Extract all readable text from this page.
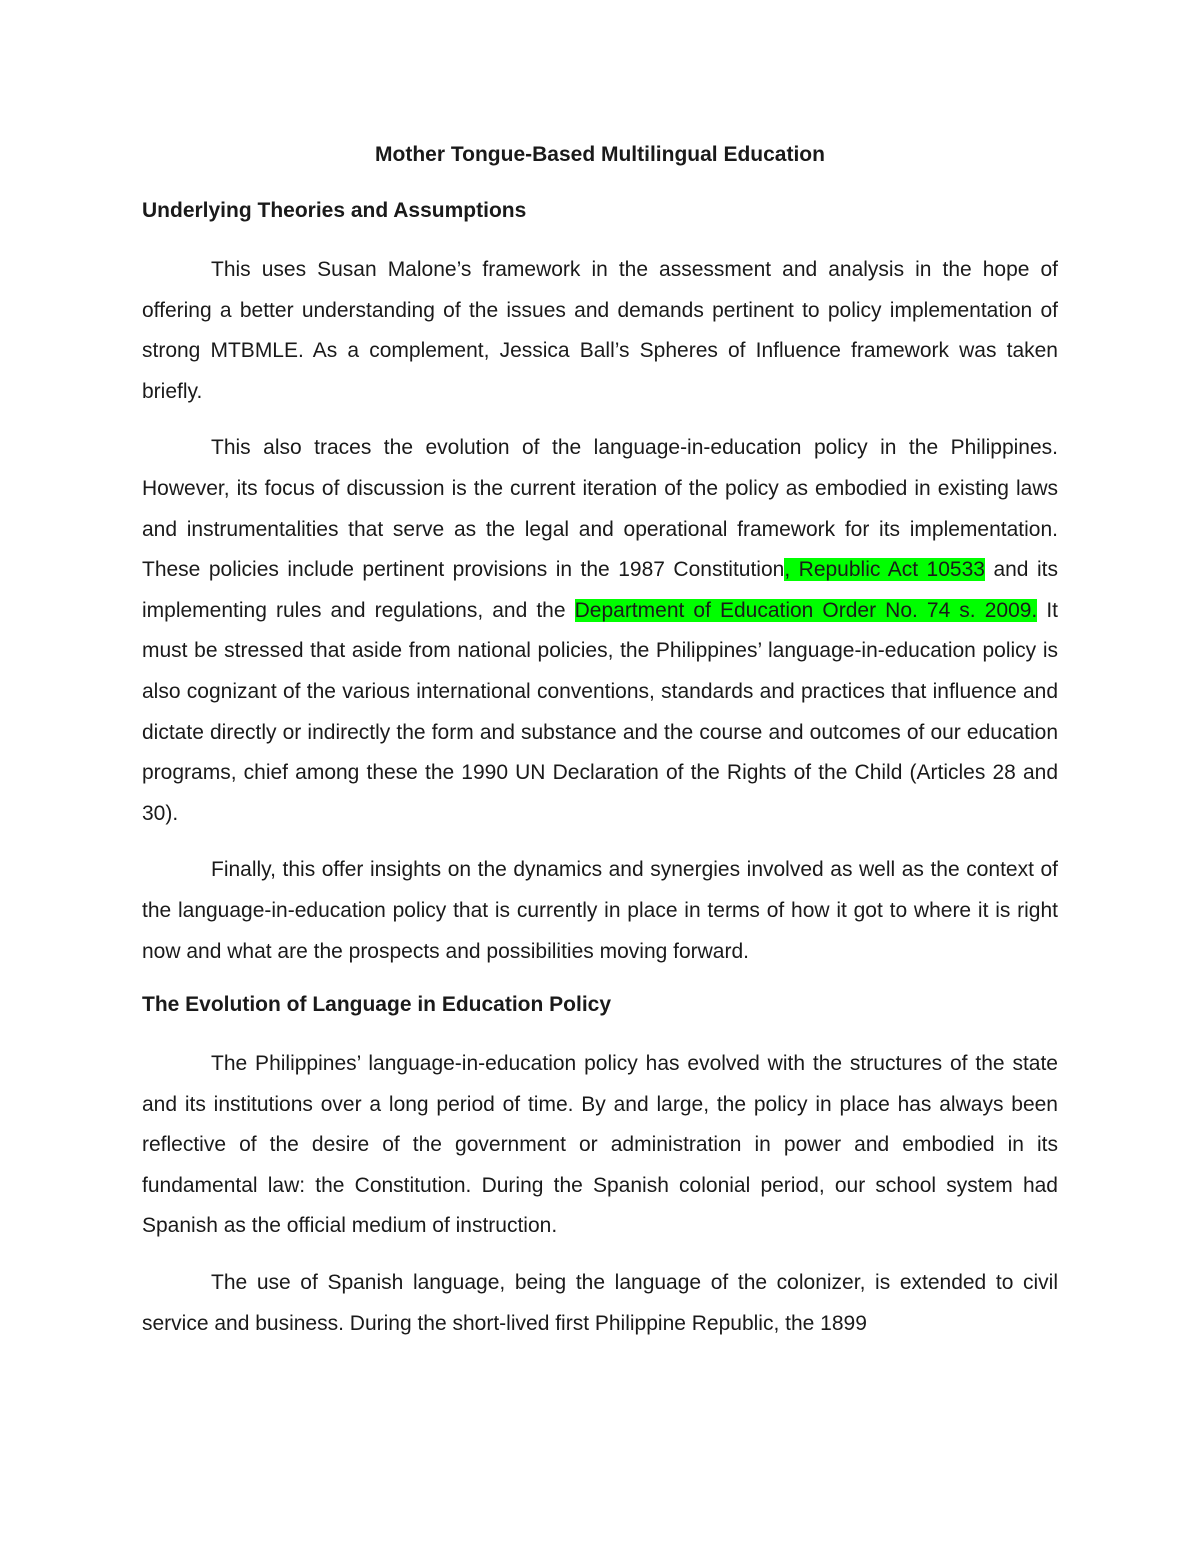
Mother Tongue-Based Multilingual Education
Underlying Theories and Assumptions

This uses Susan Malone’s framework in the assessment and analysis in the hope of offering a better understanding of the issues and demands pertinent to policy implementation of strong MTBMLE. As a complement, Jessica Ball’s Spheres of Influence framework was taken briefly.

This also traces the evolution of the language-in-education policy in the Philippines. However, its focus of discussion is the current iteration of the policy as embodied in existing laws and instrumentalities that serve as the legal and operational framework for its implementation. These policies include pertinent provisions in the 1987 Constitution, Republic Act 10533 and its implementing rules and regulations, and the Department of Education Order No. 74 s. 2009. It must be stressed that aside from national policies, the Philippines’ language-in-education policy is also cognizant of the various international conventions, standards and practices that influence and dictate directly or indirectly the form and substance and the course and outcomes of our education programs, chief among these the 1990 UN Declaration of the Rights of the Child (Articles 28 and 30).

Finally, this offer insights on the dynamics and synergies involved as well as the context of the language-in-education policy that is currently in place in terms of how it got to where it is right now and what are the prospects and possibilities moving forward.

The Evolution of Language in Education Policy

The Philippines’ language-in-education policy has evolved with the structures of the state and its institutions over a long period of time. By and large, the policy in place has always been reflective of the desire of the government or administration in power and embodied in its fundamental law: the Constitution. During the Spanish colonial period, our school system had Spanish as the official medium of instruction.

The use of Spanish language, being the language of the colonizer, is extended to civil service and business. During the short-lived first Philippine Republic, the 1899
